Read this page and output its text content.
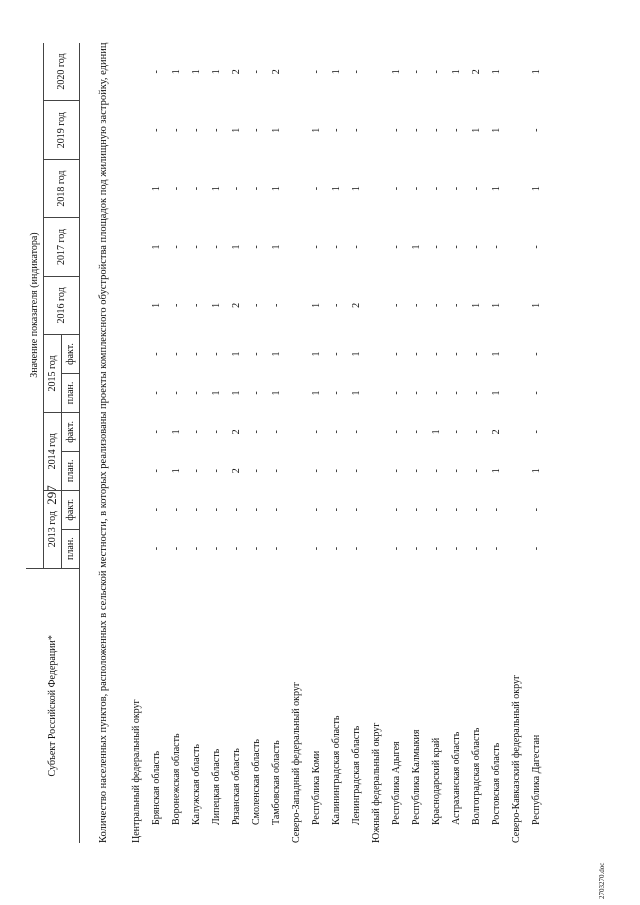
297
Субъект Российской Федерации*	Значение показателя (индикатора)										
	2013 год		2014 год		2015 год		2016 год	2017 год	2018 год	2019 год	2020 год
	план.	факт.	план.	факт.	план.	факт.					
Количество населенных пунктов, расположенных в сельской местности, в которых реализованы проекты комплексного обустройства площадок под жилищную застройку, единиц											
Центральный федеральный округ											
Брянская область	-	-	-	-	-	-	1	1	1	-	-
Воронежская область	-	-	1	1	-	-	-	-	-	-	1
Калужская область	-	-	-	-	-	-	-	-	-	-	1
Липецкая область	-	-	-	-	1	-	1	-	1	-	1
Рязанская область	-	-	2	2	1	1	2	1	-	1	2
Смоленская область	-	-	-	-	-	-	-	-	-	-	-
Тамбовская область	-	-	-	-	1	1	-	1	1	1	2
Северо-Западный федеральный округ											
Республика Коми	-	-	-	-	1	1	1	-	-	1	-
Калининградская область	-	-	-	-	-	-	-	-	1	-	1
Ленинградская область	-	-	-	-	1	1	2	-	1	-	-
Южный федеральный округ											
Республика Адыгея	-	-	-	-	-	-	-	-	-	-	1
Республика Калмыкия	-	-	-	-	-	-	-	1	-	-	-
Краснодарский край	-	-	-	1	-	-	-	-	-	-	-
Астраханская область	-	-	-	-	-	-	-	-	-	-	1
Волгоградская область	-	-	-	-	-	-	1	-	-	1	2
Ростовская область	-	-	1	2	1	1	1	-	1	1	1
Северо-Кавказский федеральный округ											
Республика Дагестан	-	-	1	-	-	-	1	-	1	-	1
2703270.doc
